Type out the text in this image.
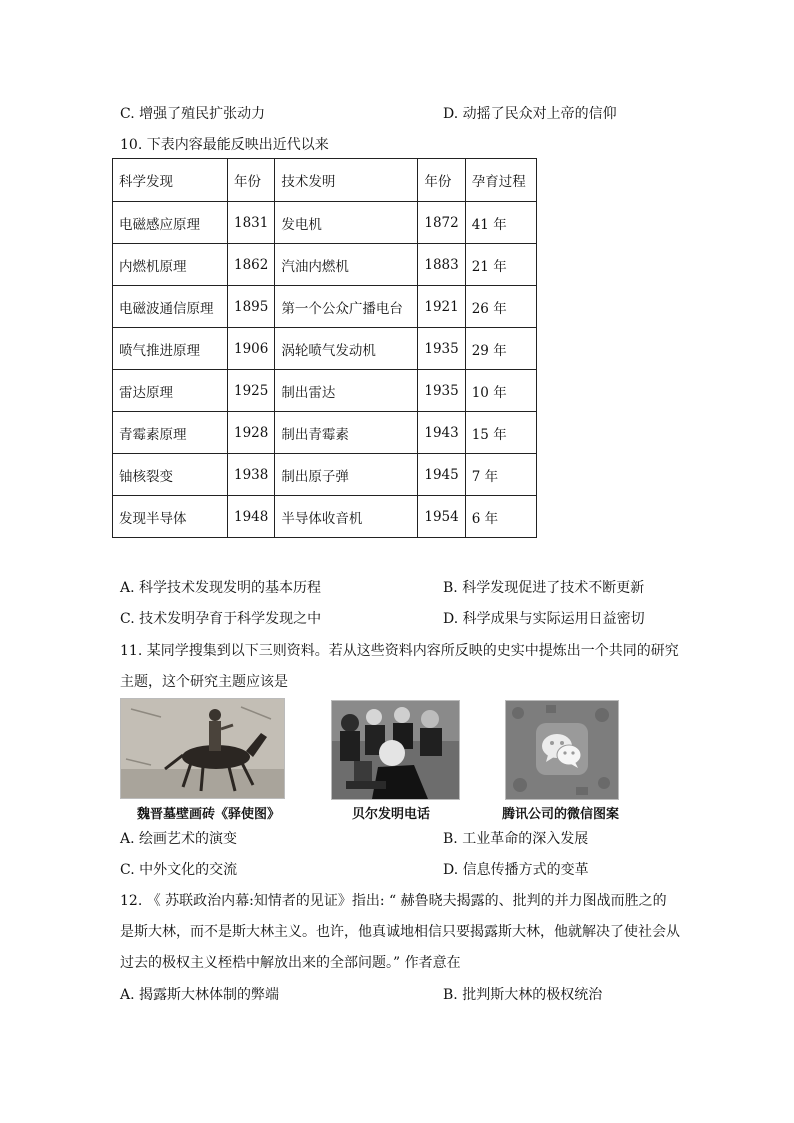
C. 增强了殖民扩张动力	D. 动摇了民众对上帝的信仰
10. 下表内容最能反映出近代以来
科学发现	年份	技术发明	年份	孕育过程
电磁感应原理	1831	发电机	1872	41 年
内燃机原理	1862	汽油内燃机	1883	21 年
电磁波通信原理	1895	第一个公众广播电台	1921	26 年
喷气推进原理	1906	涡轮喷气发动机	1935	29 年
雷达原理	1925	制出雷达	1935	10 年
青霉素原理	1928	制出青霉素	1943	15 年
铀核裂变	1938	制出原子弹	1945	7 年
发现半导体	1948	半导体收音机	1954	6 年
A. 科学技术发现发明的基本历程	B. 科学发现促进了技术不断更新
C. 技术发明孕育于科学发现之中	D. 科学成果与实际运用日益密切
11. 某同学搜集到以下三则资料。若从这些资料内容所反映的史实中提炼出一个共同的研究
主题，这个研究主题应该是
魏晋墓壁画砖《驿使图》	贝尔发明电话	腾讯公司的微信图案
A. 绘画艺术的演变	B. 工业革命的深入发展
C. 中外文化的交流	D. 信息传播方式的变革
12. 《 苏联政治内幕:知情者的见证》指出: “ 赫鲁晓夫揭露的、批判的并力图战而胜之的
是斯大林，而不是斯大林主义。也许，他真诚地相信只要揭露斯大林，他就解决了使社会从
过去的极权主义桎梏中解放出来的全部问题。” 作者意在
A. 揭露斯大林体制的弊端	B. 批判斯大林的极权统治
